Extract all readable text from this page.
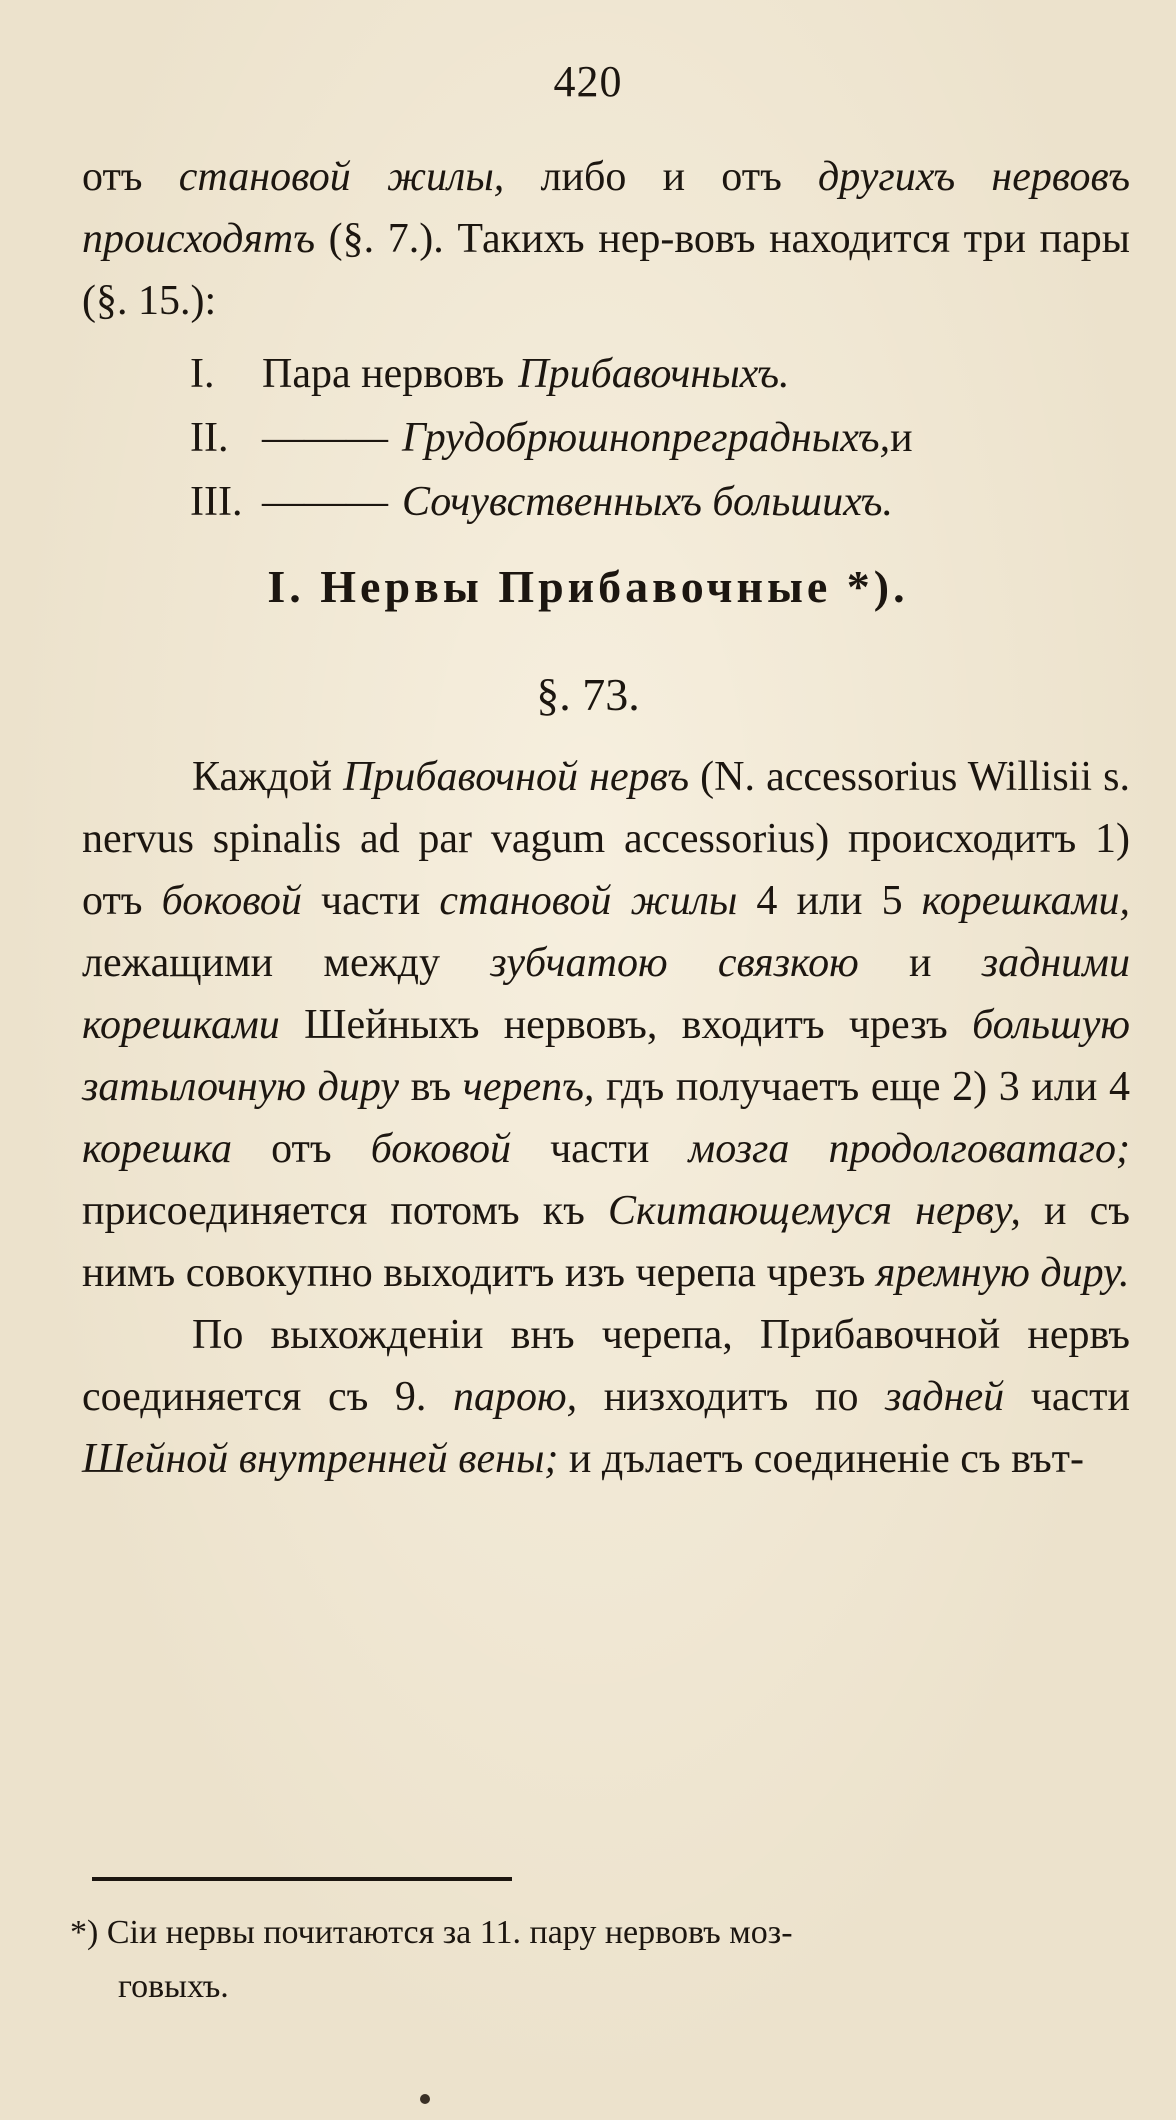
420

отъ становой жилы, либо и отъ другихъ нервовъ происходятъ (§. 7.). Такихъ нер-вовъ находится три пары (§. 15.):

I.	Пара нервовъ Прибавочныхъ.
II. ——— Грудобрюшнопреградныхъ, и
III. ——— Сочувственныхъ большихъ.
I. Нервы Прибавочные *).
§. 73.

Каждой Прибавочной нервъ (N. accessorius Willisii s. nervus spinalis ad par vagum accessorius) происходитъ 1) отъ боковой части становой жилы 4 или 5 корешками, лежащими между зубчатою связкою и задними корешками Шейныхъ нервовъ, входитъ чрезъ большую затылочную диру въ черепъ, гдъ получаетъ еще 2) 3 или 4 корешка отъ боковой части мозга продолговатаго; присоединяется потомъ къ Скитающемуся нерву, и съ нимъ совокупно выходитъ изъ черепа чрезъ яремную диру.

По выхожденіи внъ черепа, Прибавочной нервъ соединяется съ 9. парою, низходитъ по задней части Шейной внутренней вены; и дълаетъ соединеніе съ вът-

*) Сіи нервы почитаются за 11. пару нервовъ моз-
говыхъ.
